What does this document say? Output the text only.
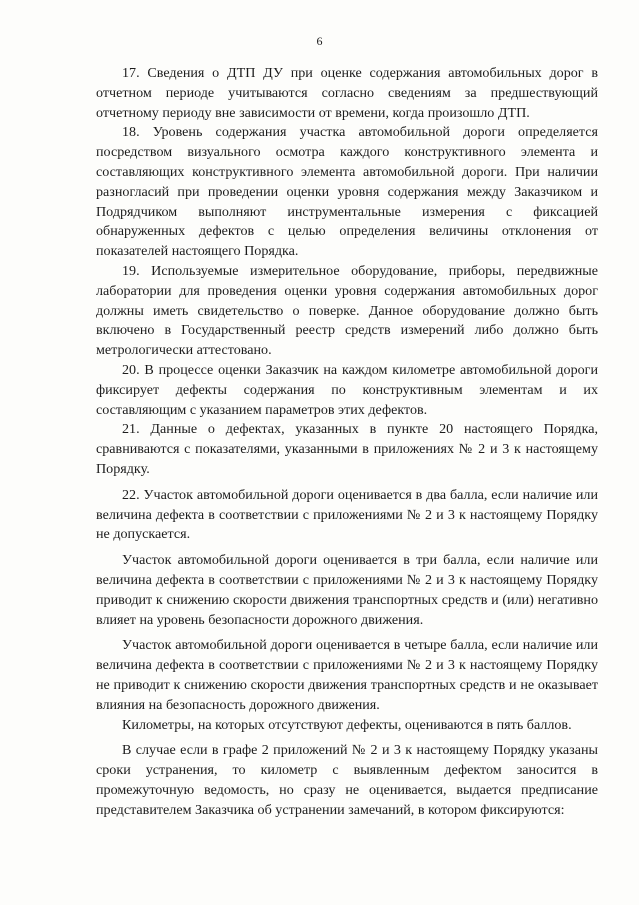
6

17. Сведения о ДТП ДУ при оценке содержания автомобильных дорог в отчетном периоде учитываются согласно сведениям за предшествующий отчетному периоду вне зависимости от времени, когда произошло ДТП.

18. Уровень содержания участка автомобильной дороги определяется посредством визуального осмотра каждого конструктивного элемента и составляющих конструктивного элемента автомобильной дороги. При наличии разногласий при проведении оценки уровня содержания между Заказчиком и Подрядчиком выполняют инструментальные измерения с фиксацией обнаруженных дефектов с целью определения величины отклонения от показателей настоящего Порядка.

19. Используемые измерительное оборудование, приборы, передвижные лаборатории для проведения оценки уровня содержания автомобильных дорог должны иметь свидетельство о поверке. Данное оборудование должно быть включено в Государственный реестр средств измерений либо должно быть метрологически аттестовано.

20. В процессе оценки Заказчик на каждом километре автомобильной дороги фиксирует дефекты содержания по конструктивным элементам и их составляющим с указанием параметров этих дефектов.

21. Данные о дефектах, указанных в пункте 20 настоящего Порядка, сравниваются с показателями, указанными в приложениях № 2 и 3 к настоящему Порядку.

22. Участок автомобильной дороги оценивается в два балла, если наличие или величина дефекта в соответствии с приложениями № 2 и 3 к настоящему Порядку не допускается.

Участок автомобильной дороги оценивается в три балла, если наличие или величина дефекта в соответствии с приложениями № 2 и 3 к настоящему Порядку приводит к снижению скорости движения транспортных средств и (или) негативно влияет на уровень безопасности дорожного движения.

Участок автомобильной дороги оценивается в четыре балла, если наличие или величина дефекта в соответствии с приложениями № 2 и 3 к настоящему Порядку не приводит к снижению скорости движения транспортных средств и не оказывает влияния на безопасность дорожного движения.

Километры, на которых отсутствуют дефекты, оцениваются в пять баллов.

В случае если в графе 2 приложений № 2 и 3 к настоящему Порядку указаны сроки устранения, то километр с выявленным дефектом заносится в промежуточную ведомость, но сразу не оценивается, выдается предписание представителем Заказчика об устранении замечаний, в котором фиксируются:
